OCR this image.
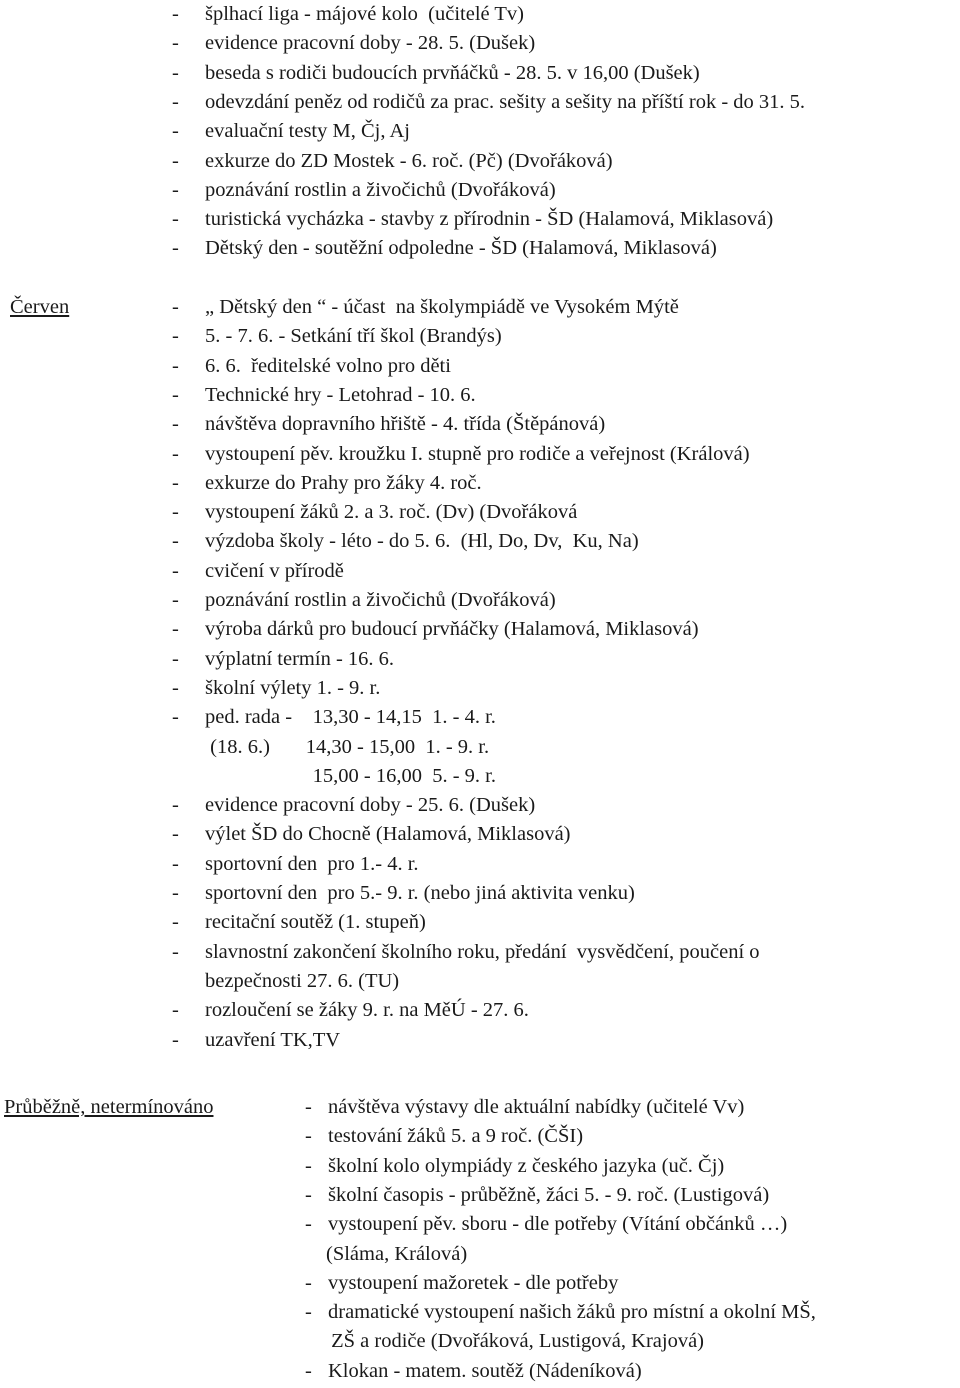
- šplhací liga - májové kolo  (učitelé Tv)
- evidence pracovní doby - 28. 5. (Dušek)
- beseda s rodiči budoucích prvňáčků - 28. 5. v 16,00 (Dušek)
- odevzdání peněz od rodičů za prac. sešity a sešity na příští rok - do 31. 5.
- evaluační testy M, Čj, Aj
- exkurze do ZD Mostek - 6. roč. (Pč) (Dvořáková)
- poznávání rostlin a živočichů (Dvořáková)
- turistická vycházka - stavby z přírodnin - ŠD (Halamová, Miklasová)
- Dětský den - soutěžní odpoledne - ŠD (Halamová, Miklasová)
Červen	- „ Dětský den “ - účast  na školympiádě ve Vysokém Mýtě
- 5. - 7. 6. - Setkání tří škol (Brandýs)
- 6. 6.  ředitelské volno pro děti
- Technické hry - Letohrad - 10. 6.
- návštěva dopravního hřiště - 4. třída (Štěpánová)
- vystoupení pěv. kroužku I. stupně pro rodiče a veřejnost (Králová)
- exkurze do Prahy pro žáky 4. roč.
- vystoupení žáků 2. a 3. roč. (Dv) (Dvořáková
- výzdoba školy - léto - do 5. 6.  (Hl, Do, Dv,  Ku, Na)
- cvičení v přírodě
- poznávání rostlin a živočichů (Dvořáková)
- výroba dárků pro budoucí prvňáčky (Halamová, Miklasová)
- výplatní termín - 16. 6.
- školní výlety 1. - 9. r.
- ped. rada -    13,30 - 14,15  1. - 4. r.
(18. 6.)       14,30 - 15,00  1. - 9. r.
15,00 - 16,00  5. - 9. r.
- evidence pracovní doby - 25. 6. (Dušek)
- výlet ŠD do Chocně (Halamová, Miklasová)
- sportovní den  pro 1.- 4. r.
- sportovní den  pro 5.- 9. r. (nebo jiná aktivita venku)
- recitační soutěž (1. stupeň)
- slavnostní zakončení školního roku, předání  vysvědčení, poučení o
bezpečnosti 27. 6. (TU)
- rozloučení se žáky 9. r. na MěÚ - 27. 6.
- uzavření TK,TV
Průběžně, netermínováno	- návštěva výstavy dle aktuální nabídky (učitelé Vv)
- testování žáků 5. a 9 roč. (ČŠI)
- školní kolo olympiády z českého jazyka (uč. Čj)
- školní časopis - průběžně, žáci 5. - 9. roč. (Lustigová)
- vystoupení pěv. sboru - dle potřeby (Vítání občánků …)
(Sláma, Králová)
- vystoupení mažoretek - dle potřeby
- dramatické vystoupení našich žáků pro místní a okolní MŠ,
ZŠ a rodiče (Dvořáková, Lustigová, Krajová)
- Klokan - matem. soutěž (Nádeníková)
